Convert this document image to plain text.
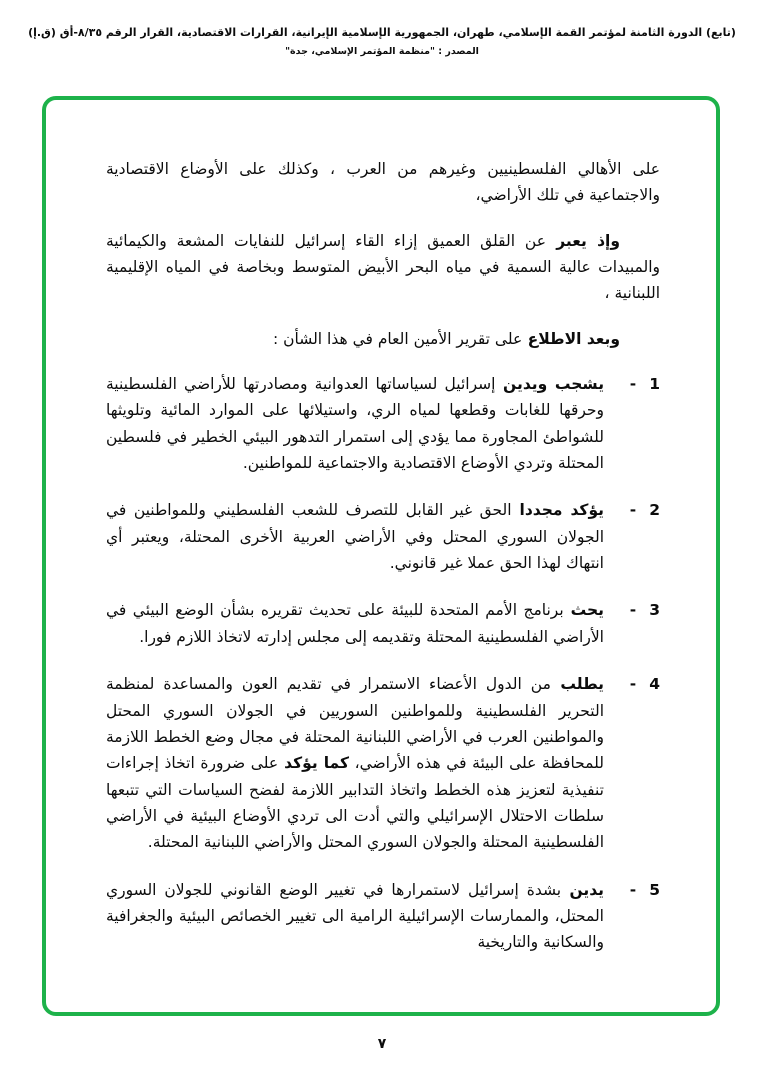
(تابع) الدورة الثامنة لمؤتمر القمة الإسلامي، طهران، الجمهورية الإسلامية الإيرانية، القرارات الاقتصادية، القرار الرقم ٨/٣٥-أق (ق.إ)
المصدر : "منظمة المؤتمر الإسلامي، جدة"

على الأهالي الفلسطينيين وغيرهم من العرب ، وكذلك على الأوضاع الاقتصادية والاجتماعية في تلك الأراضي،

وإذ يعبر عن القلق العميق إزاء القاء إسرائيل للنفايات المشعة والكيمائية والمبيدات عالية السمية في مياه البحر الأبيض المتوسط وبخاصة في المياه الإقليمية اللبنانية ،

وبعد الاطلاع على تقرير الأمين العام في هذا الشأن :

1
-

يشجب ويدين إسرائيل لسياساتها العدوانية ومصادرتها للأراضي الفلسطينية وحرقها للغابات وقطعها لمياه الري، واستيلائها على الموارد المائية وتلويثها للشواطئ المجاورة مما يؤدي إلى استمرار التدهور البيئي الخطير في فلسطين المحتلة وتردي الأوضاع الاقتصادية والاجتماعية للمواطنين.

2
-

يؤكد مجددا الحق غير القابل للتصرف للشعب الفلسطيني وللمواطنين في الجولان السوري المحتل وفي الأراضي العربية الأخرى المحتلة، ويعتبر أي انتهاك لهذا الحق عملا غير قانوني.

3
-

يحث برنامج الأمم المتحدة للبيئة على تحديث تقريره بشأن الوضع البيئي في الأراضي الفلسطينية المحتلة وتقديمه إلى مجلس إدارته لاتخاذ اللازم فورا.

4
-

يطلب من الدول الأعضاء الاستمرار في تقديم العون والمساعدة لمنظمة التحرير الفلسطينية وللمواطنين السوريين في الجولان السوري المحتل والمواطنين العرب في الأراضي اللبنانية المحتلة في مجال وضع الخطط اللازمة للمحافظة على البيئة في هذه الأراضي، كما يؤكد على ضرورة اتخاذ إجراءات تنفيذية لتعزيز هذه الخطط واتخاذ التدابير اللازمة لفضح السياسات التي تتبعها سلطات الاحتلال الإسرائيلي والتي أدت الى تردي الأوضاع البيئية في الأراضي الفلسطينية المحتلة والجولان السوري المحتل والأراضي اللبنانية المحتلة.

5
-

يدين بشدة إسرائيل لاستمرارها في تغيير الوضع القانوني للجولان السوري المحتل، والممارسات الإسرائيلية الرامية الى تغيير الخصائص البيئية والجغرافية والسكانية والتاريخية

٧
